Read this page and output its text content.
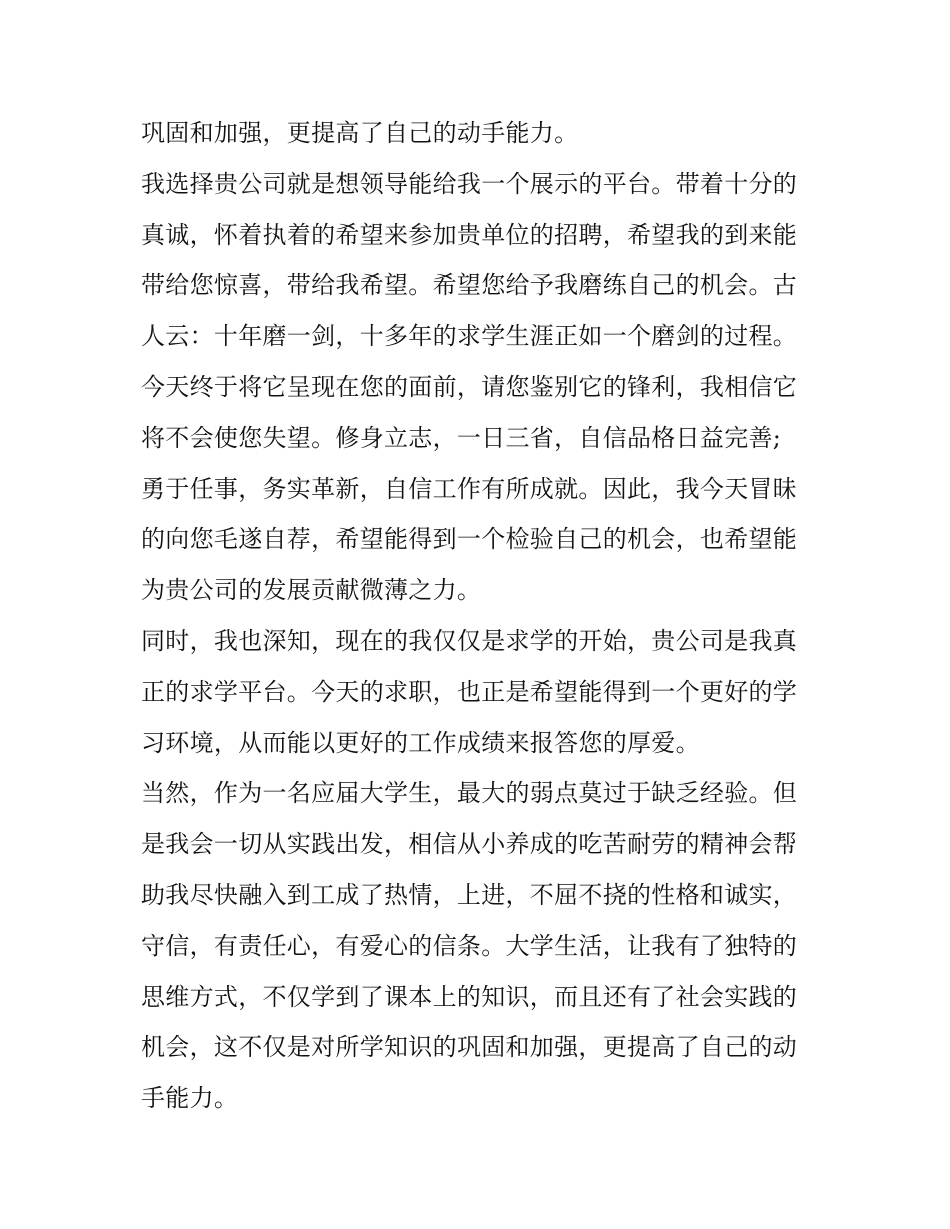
巩固和加强，更提高了自己的动手能力。
我选择贵公司就是想领导能给我一个展示的平台。带着十分的
真诚，怀着执着的希望来参加贵单位的招聘，希望我的到来能
带给您惊喜，带给我希望。希望您给予我磨练自己的机会。古
人云：十年磨一剑，十多年的求学生涯正如一个磨剑的过程。
今天终于将它呈现在您的面前，请您鉴别它的锋利，我相信它
将不会使您失望。修身立志，一日三省，自信品格日益完善;
勇于任事，务实革新，自信工作有所成就。因此，我今天冒昧
的向您毛遂自荐，希望能得到一个检验自己的机会，也希望能
为贵公司的发展贡献微薄之力。
同时，我也深知，现在的我仅仅是求学的开始，贵公司是我真
正的求学平台。今天的求职，也正是希望能得到一个更好的学
习环境，从而能以更好的工作成绩来报答您的厚爱。
当然，作为一名应届大学生，最大的弱点莫过于缺乏经验。但
是我会一切从实践出发，相信从小养成的吃苦耐劳的精神会帮
助我尽快融入到工成了热情，上进，不屈不挠的性格和诚实，
守信，有责任心，有爱心的信条。大学生活，让我有了独特的
思维方式，不仅学到了课本上的知识，而且还有了社会实践的
机会，这不仅是对所学知识的巩固和加强，更提高了自己的动
手能力。
